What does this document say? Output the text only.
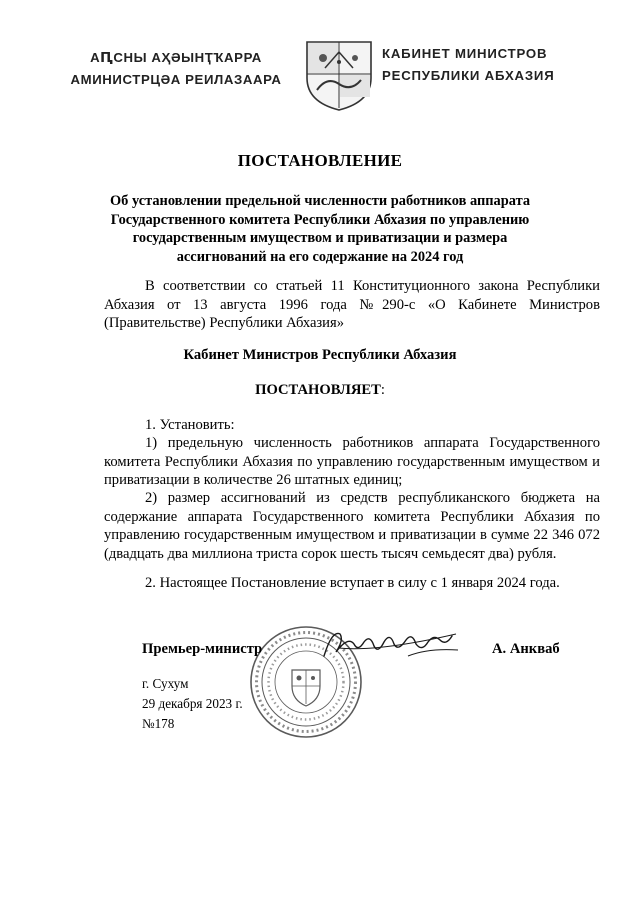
АԤСНЫ АҲӘЫНҬҠАРРА
АМИНИСТРЦӘА РЕИЛАЗААРА
КАБИНЕТ МИНИСТРОВ
РЕСПУБЛИКИ АБХАЗИЯ
ПОСТАНОВЛЕНИЕ
Об установлении предельной численности работников аппарата
Государственного комитета Республики Абхазия по управлению
государственным имуществом и приватизации и размера
ассигнований на его содержание на 2024 год
В соответствии со статьей 11 Конституционного закона Республики Абхазия от 13 августа 1996 года №290-с «О Кабинете Министров (Правительстве) Республики Абхазия»
Кабинет Министров Республики Абхазия
ПОСТАНОВЛЯЕТ:
1. Установить:
1) предельную численность работников аппарата Государственного комитета Республики Абхазия по управлению государственным имуществом и приватизации в количестве 26 штатных единиц;
2) размер ассигнований из средств республиканского бюджета на содержание аппарата Государственного комитета Республики Абхазия по управлению государственным имуществом и приватизации в сумме 22 346 072 (двадцать два миллиона триста сорок шесть тысяч семьдесят два) рубля.
2. Настоящее Постановление вступает в силу с 1 января 2024 года.
Премьер-министр	А. Анкваб
г. Сухум
29 декабря 2023 г.
№178
